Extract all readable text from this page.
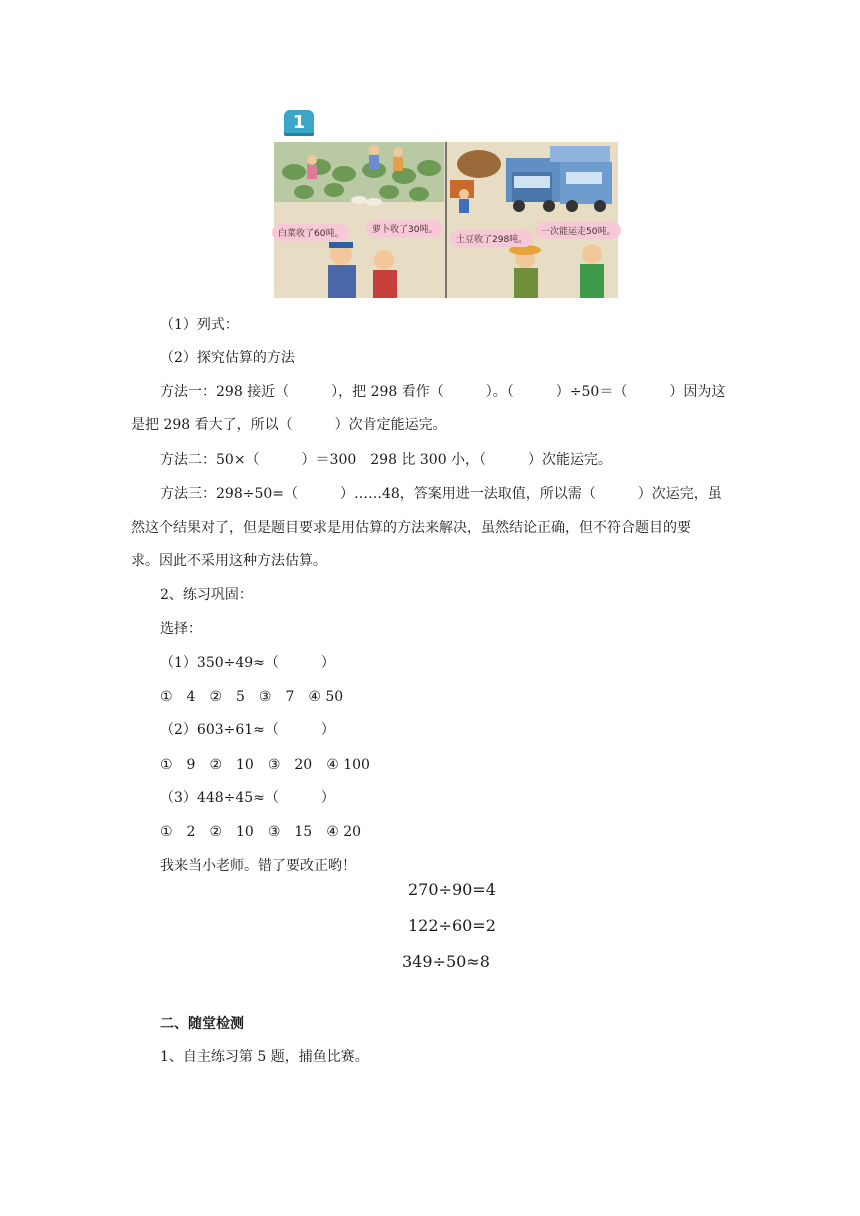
1
白菜收了60吨。	萝卜收了30吨。
土豆收了298吨。
一次能运走50吨。
（1）列式：
（2）探究估算的方法
方法一：298 接近（　　　），把 298 看作（　　　）。（　　　）÷50＝（　　　）因为这
是把 298 看大了，所以（　　　）次肯定能运完。
方法二：50×（　　　）＝300　298 比 300 小，（　　　）次能运完。
方法三：298÷50=（　　　）……48，答案用进一法取值，所以需（　　　）次运完，虽
然这个结果对了，但是题目要求是用估算的方法来解决，虽然结论正确，但不符合题目的要
求。因此不采用这种方法估算。
2、练习巩固：
选择：
（1）350÷49≈（　　　）
①　4　②　5　③　7　④ 50
（2）603÷61≈（　　　）
①　9　②　10　③　20　④ 100
（3）448÷45≈（　　　）
①　2　②　10　③　15　④ 20
我来当小老师。错了要改正哟！
270÷90=4
122÷60=2
349÷50≈8
二、随堂检测
1、自主练习第 5 题，捕鱼比赛。
